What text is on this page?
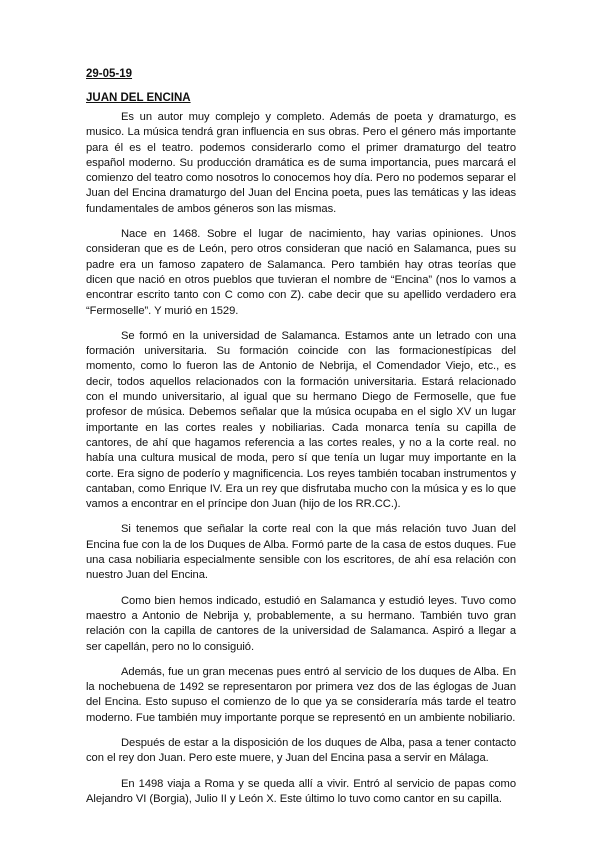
29-05-19
JUAN DEL ENCINA

Es un autor muy complejo y completo. Además de poeta y dramaturgo, es musico. La música tendrá gran influencia en sus obras. Pero el género más importante para él es el teatro. podemos considerarlo como el primer dramaturgo del teatro español moderno. Su producción dramática es de suma importancia, pues marcará el comienzo del teatro como nosotros lo conocemos hoy día. Pero no podemos separar el Juan del Encina dramaturgo del Juan del Encina poeta, pues las temáticas y las ideas fundamentales de ambos géneros son las mismas.

Nace en 1468. Sobre el lugar de nacimiento, hay varias opiniones. Unos consideran que es de León, pero otros consideran que nació en Salamanca, pues su padre era un famoso zapatero de Salamanca. Pero también hay otras teorías que dicen que nació en otros pueblos que tuvieran el nombre de “Encina” (nos lo vamos a encontrar escrito tanto con C como con Z). cabe decir que su apellido verdadero era “Fermoselle”. Y murió en 1529.

Se formó en la universidad de Salamanca. Estamos ante un letrado con una formación universitaria. Su formación coincide con las formacionestípicas del momento, como lo fueron las de Antonio de Nebrija, el Comendador Viejo, etc., es decir, todos aquellos relacionados con la formación universitaria. Estará relacionado con el mundo universitario, al igual que su hermano Diego de Fermoselle, que fue profesor de música. Debemos señalar que la música ocupaba en el siglo XV un lugar importante en las cortes reales y nobiliarias. Cada monarca tenía su capilla de cantores, de ahí que hagamos referencia a las cortes reales, y no a la corte real. no había una cultura musical de moda, pero sí que tenía un lugar muy importante en la corte. Era signo de poderío y magnificencia. Los reyes también tocaban instrumentos y cantaban, como Enrique IV. Era un rey que disfrutaba mucho con la música y es lo que vamos a encontrar en el príncipe don Juan (hijo de los RR.CC.).

Si tenemos que señalar la corte real con la que más relación tuvo Juan del Encina fue con la de los Duques de Alba. Formó parte de la casa de estos duques. Fue una casa nobiliaria especialmente sensible con los escritores, de ahí esa relación con nuestro Juan del Encina.

Como bien hemos indicado, estudió en Salamanca y estudió leyes. Tuvo como maestro a Antonio de Nebrija y, probablemente, a su hermano. También tuvo gran relación con la capilla de cantores de la universidad de Salamanca. Aspiró a llegar a ser capellán, pero no lo consiguió.

Además, fue un gran mecenas pues entró al servicio de los duques de Alba. En la nochebuena de 1492 se representaron por primera vez dos de las églogas de Juan del Encina. Esto supuso el comienzo de lo que ya se consideraría más tarde el teatro moderno. Fue también muy importante porque se representó en un ambiente nobiliario.

Después de estar a la disposición de los duques de Alba, pasa a tener contacto con el rey don Juan. Pero este muere, y Juan del Encina pasa a servir en Málaga.

En 1498 viaja a Roma y se queda allí a vivir. Entró al servicio de papas como Alejandro VI (Borgia), Julio II y León X. Este último lo tuvo como cantor en su capilla.
